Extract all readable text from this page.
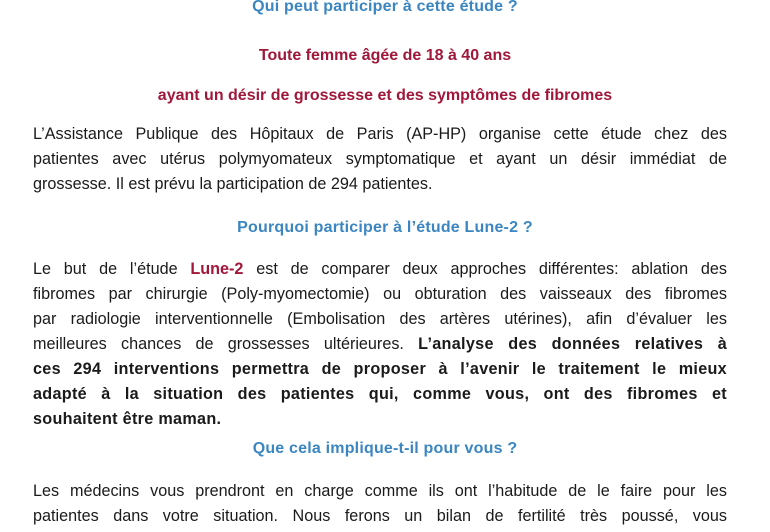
Qui peut participer à cette étude ?
Toute femme âgée de 18 à 40 ans
ayant un désir de grossesse et des symptômes de fibromes
L’Assistance Publique des Hôpitaux de Paris (AP-HP) organise cette étude chez des
patientes avec utérus polymyomateux symptomatique et ayant un désir immédiat de
grossesse. Il est prévu la participation de 294 patientes.
Pourquoi participer à l’étude Lune-2 ?
Le but de l’étude Lune-2 est de comparer deux approches différentes: ablation des
fibromes par chirurgie (Poly-myomectomie) ou obturation des vaisseaux des fibromes
par radiologie interventionnelle (Embolisation des artères utérines), afin d’évaluer les
meilleures chances de grossesses ultérieures. L’analyse des données relatives à
ces 294 interventions permettra de proposer à l’avenir le traitement le mieux
adapté à la situation des patientes qui, comme vous, ont des fibromes et
souhaitent être maman.
Que cela implique-t-il pour vous ?
Les médecins vous prendront en charge comme ils ont l’habitude de le faire pour les
patientes dans votre situation. Nous ferons un bilan de fertilité très poussé, vous
